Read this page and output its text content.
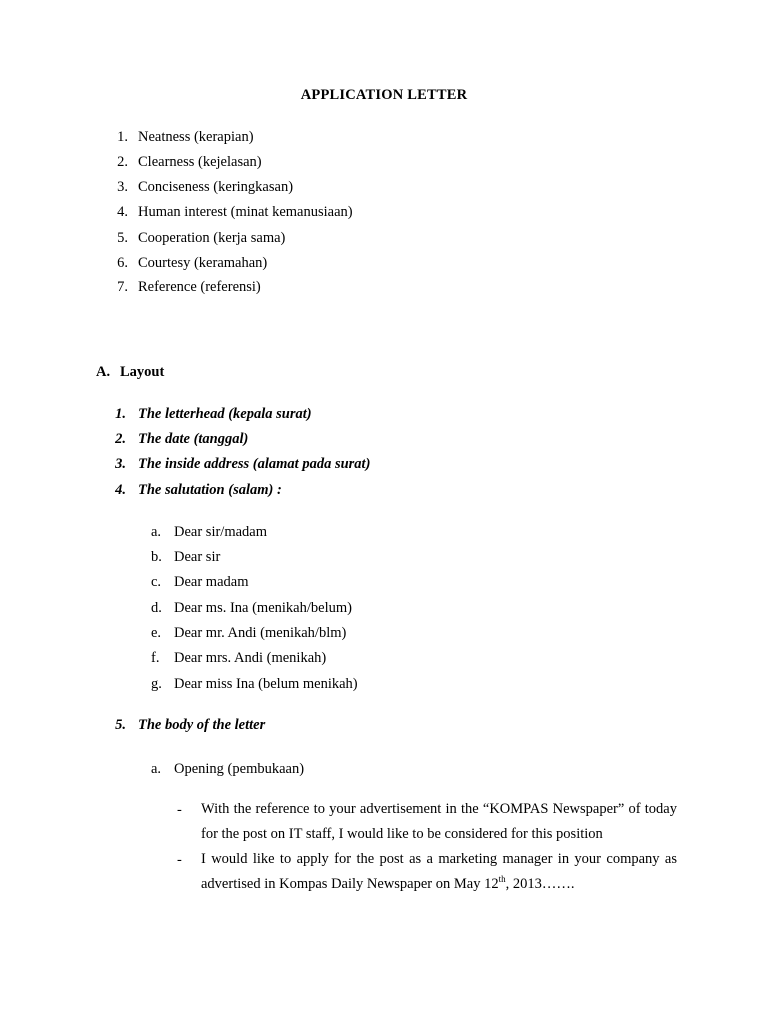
APPLICATION LETTER
1. Neatness (kerapian)
2. Clearness (kejelasan)
3. Conciseness (keringkasan)
4. Human interest (minat kemanusiaan)
5. Cooperation (kerja sama)
6. Courtesy (keramahan)
7. Reference (referensi)
A. Layout
1. The letterhead (kepala surat)
2. The date (tanggal)
3. The inside address (alamat pada surat)
4. The salutation (salam) :
a. Dear sir/madam
b. Dear sir
c. Dear madam
d. Dear ms. Ina (menikah/belum)
e. Dear mr. Andi (menikah/blm)
f. Dear mrs. Andi (menikah)
g. Dear miss Ina (belum menikah)
5. The body of the letter
a. Opening (pembukaan)
- With the reference to your advertisement in the “KOMPAS Newspaper” of today for the post on IT staff, I would like to be considered for this position
- I would like to apply for the post as a marketing manager in your company as advertised in Kompas Daily Newspaper on May 12th, 2013…….
